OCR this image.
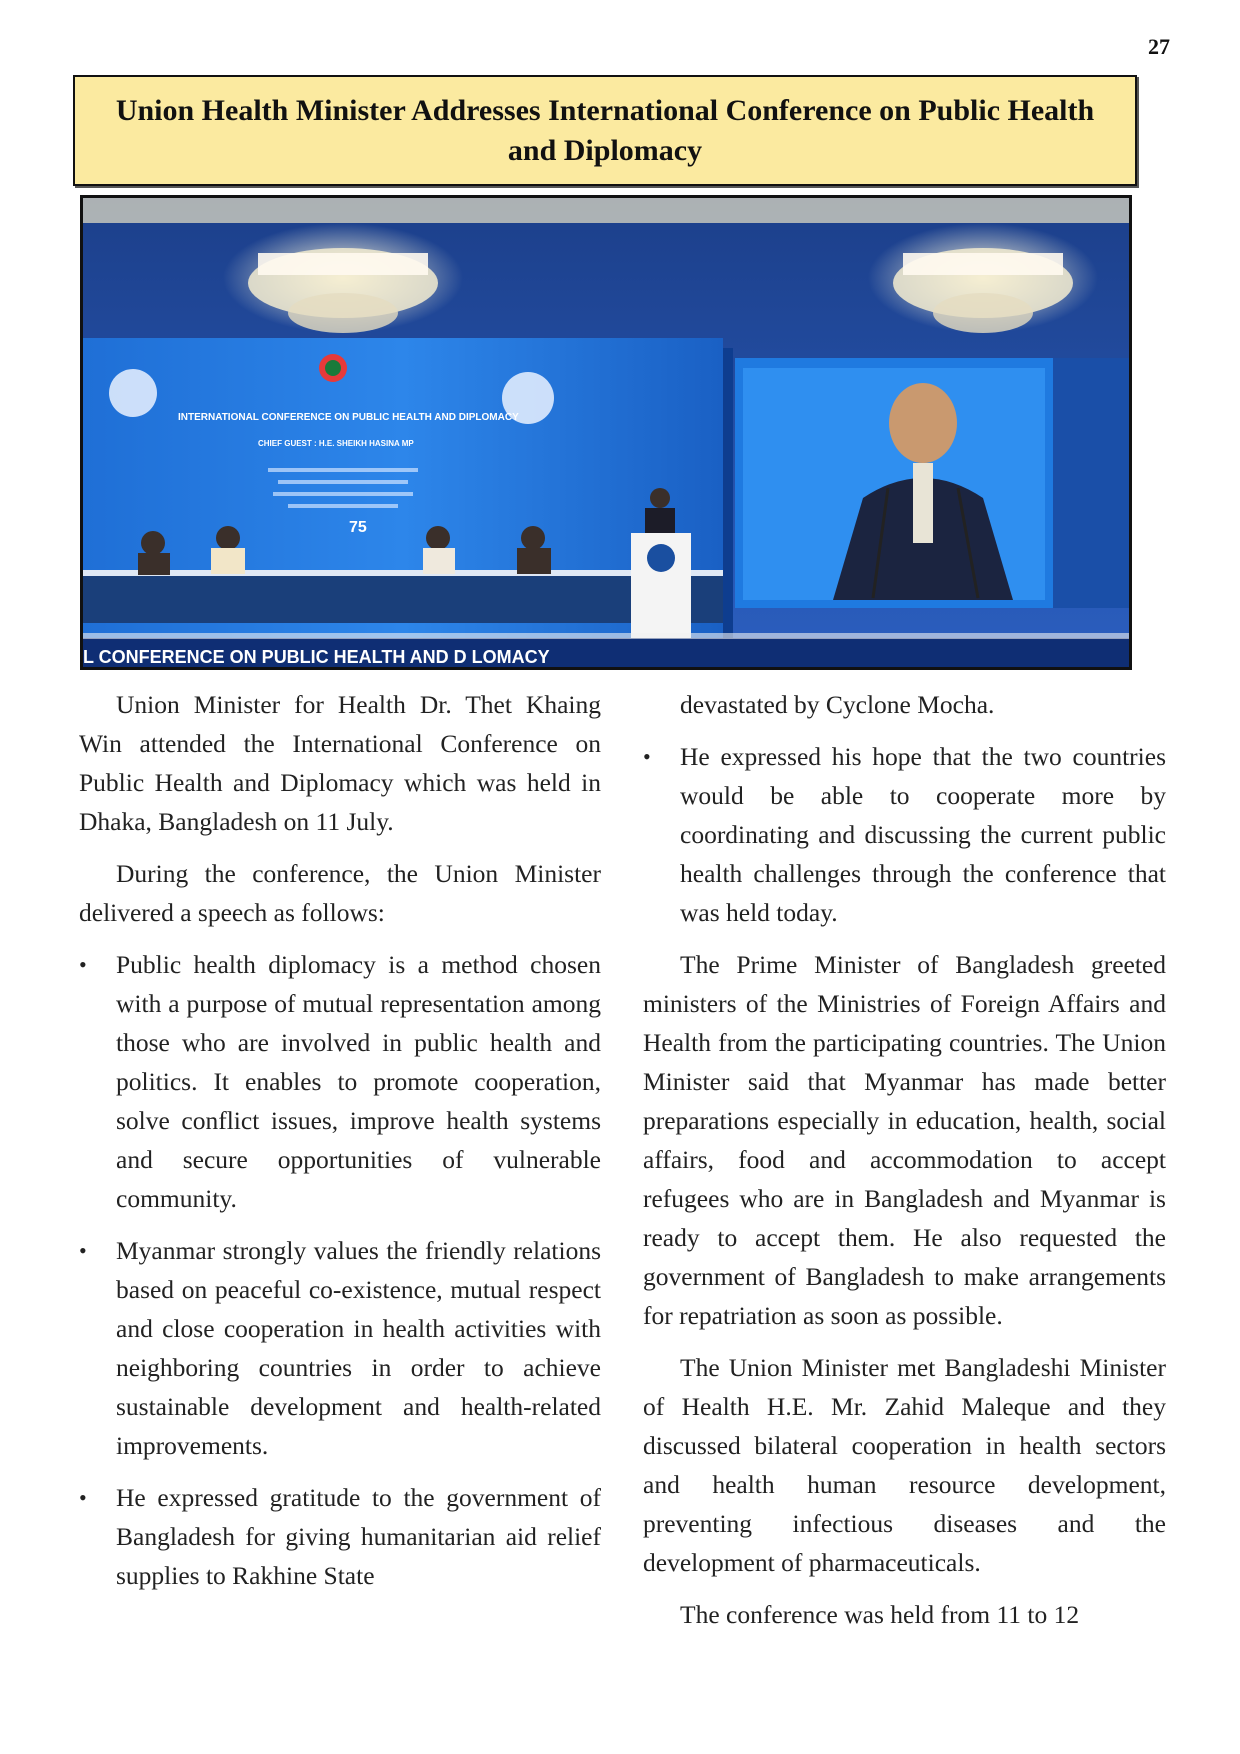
27
Union Health Minister Addresses International Conference on Public Health and Diplomacy
INTERNATIONAL CONFERENCE ON PUBLIC HEALTH AND DIPLOMACY
CHIEF GUEST : H.E. SHEIKH HASINA MP
75
L CONFERENCE ON PUBLIC HEALTH AND D LOMACY

Union Minister for Health Dr. Thet Khaing Win attended the International Conference on Public Health and Diplomacy which was held in Dhaka, Bangladesh on 11 July.

During the conference, the Union Minister delivered a speech as follows:

• Public health diplomacy is a method chosen with a purpose of mutual representation among those who are involved in public health and politics. It enables to promote cooperation, solve conflict issues, improve health systems and secure opportunities of vulnerable community.
• Myanmar strongly values the friendly relations based on peaceful co-existence, mutual respect and close cooperation in health activities with neighboring countries in order to achieve sustainable development and health-related improvements.
• He expressed gratitude to the government of Bangladesh for giving humanitarian aid relief supplies to Rakhine State

devastated by Cyclone Mocha.

• He expressed his hope that the two countries would be able to cooperate more by coordinating and discussing the current public health challenges through the conference that was held today.

The Prime Minister of Bangladesh greeted ministers of the Ministries of Foreign Affairs and Health from the participating countries. The Union Minister said that Myanmar has made better preparations especially in education, health, social affairs, food and accommodation to accept refugees who are in Bangladesh and Myanmar is ready to accept them. He also requested the government of Bangladesh to make arrangements for repatriation as soon as possible.

The Union Minister met Bangladeshi Minister of Health H.E. Mr. Zahid Maleque and they discussed bilateral cooperation in health sectors and health human resource development, preventing infectious diseases and the development of pharmaceuticals.

The conference was held from 11 to 12
